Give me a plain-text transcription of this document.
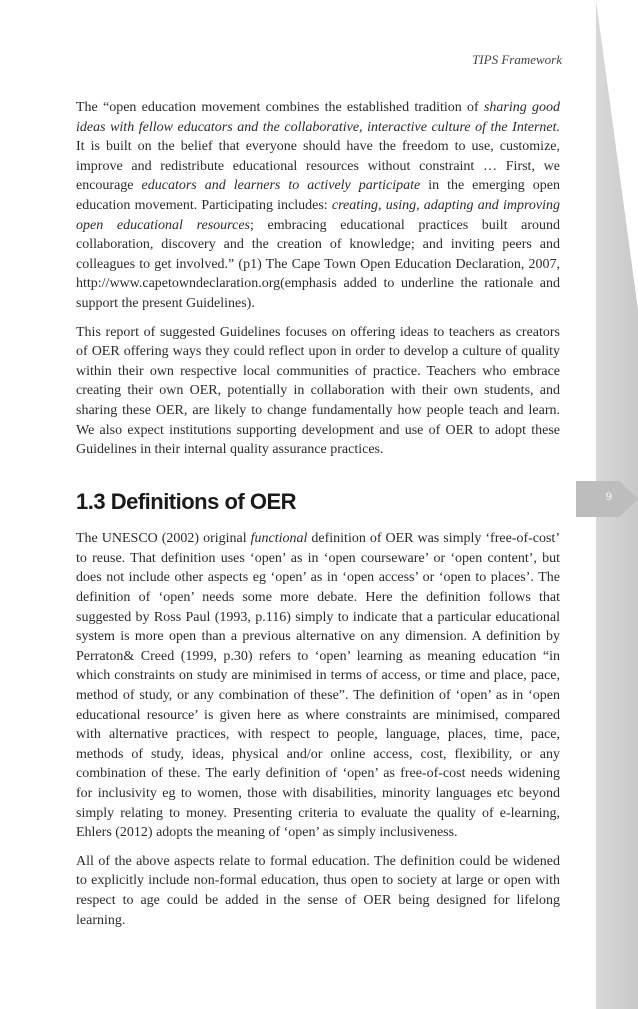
TIPS Framework

The “open education movement combines the established tradition of sharing good ideas with fellow educators and the collaborative, interactive culture of the Internet. It is built on the belief that everyone should have the freedom to use, customize, improve and redistribute educational resources without constraint … First, we encourage educators and learners to actively participate in the emerging open education movement. Participating includes: creating, using, adapting and improving open educational resources; embracing educational practices built around collaboration, discovery and the creation of knowledge; and inviting peers and colleagues to get involved.” (p1) The Cape Town Open Education Declaration, 2007, http://www.capetowndeclaration.org(emphasis added to underline the rationale and support the present Guidelines).

This report of suggested Guidelines focuses on offering ideas to teachers as creators of OER offering ways they could reflect upon in order to develop a culture of quality within their own respective local communities of practice. Teachers who embrace creating their own OER, potentially in collaboration with their own students, and sharing these OER, are likely to change fundamentally how people teach and learn. We also expect institutions supporting development and use of OER to adopt these Guidelines in their internal quality assurance practices.

1.3 Definitions of OER

The UNESCO (2002) original functional definition of OER was simply ‘free-of-cost’ to reuse. That definition uses ‘open’ as in ‘open courseware’ or ‘open content’, but does not include other aspects eg ‘open’ as in ‘open access’ or ‘open to places’. The definition of ‘open’ needs some more debate. Here the definition follows that suggested by Ross Paul (1993, p.116) simply to indicate that a particular educational system is more open than a previous alternative on any dimension. A definition by Perraton& Creed (1999, p.30) refers to ‘open’ learning as meaning education “in which constraints on study are minimised in terms of access, or time and place, pace, method of study, or any combination of these”. The definition of ‘open’ as in ‘open educational resource’ is given here as where constraints are minimised, compared with alternative practices, with respect to people, language, places, time, pace, methods of study, ideas, physical and/or online access, cost, flexibility, or any combination of these. The early definition of ‘open’ as free-of-cost needs widening for inclusivity eg to women, those with disabilities, minority languages etc beyond simply relating to money. Presenting criteria to evaluate the quality of e-learning, Ehlers (2012) adopts the meaning of ‘open’ as simply inclusiveness.

All of the above aspects relate to formal education. The definition could be widened to explicitly include non-formal education, thus open to society at large or open with respect to age could be added in the sense of OER being designed for lifelong learning.

9
